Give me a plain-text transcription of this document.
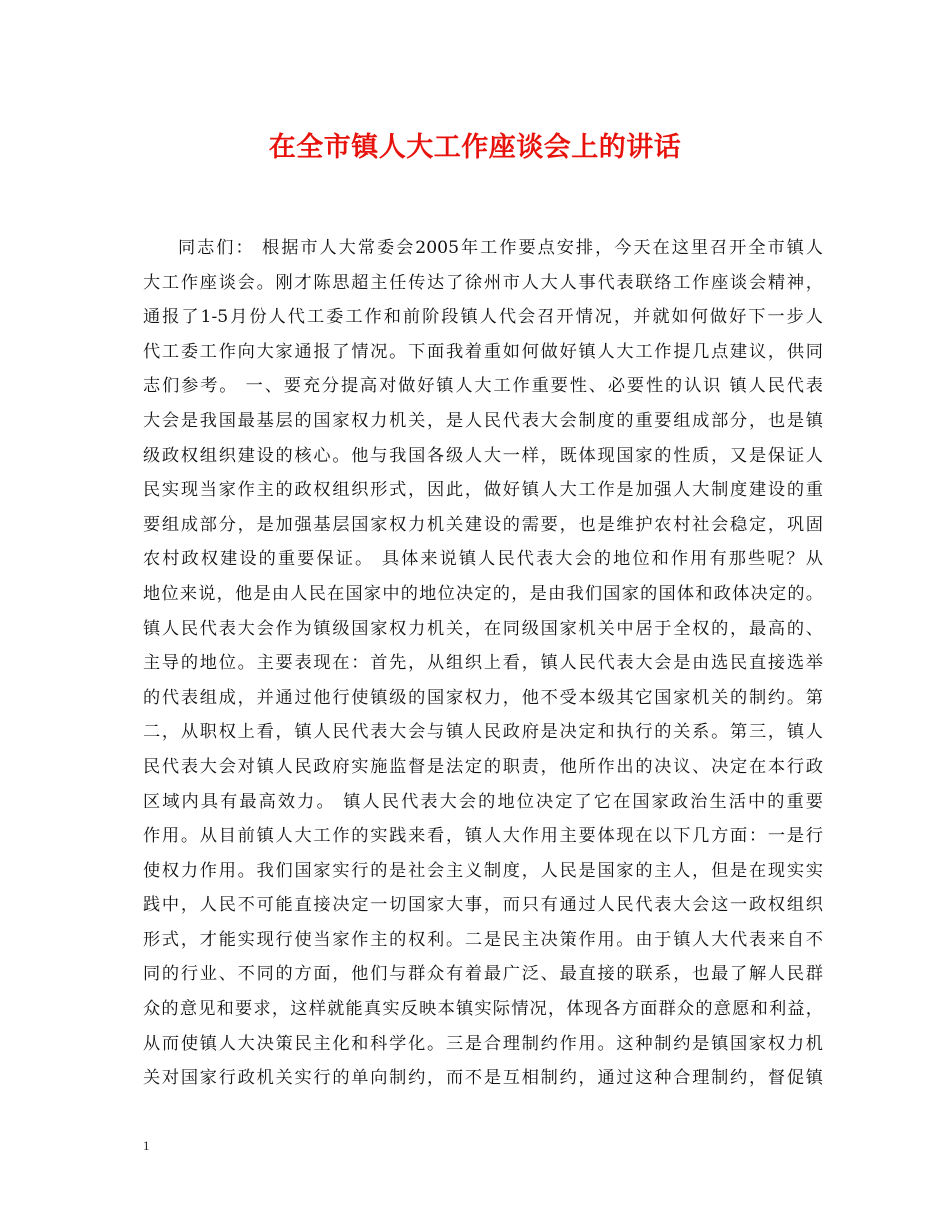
在全市镇人大工作座谈会上的讲话
同志们： 根据市人大常委会2005年工作要点安排，今天在这里召开全市镇人
大工作座谈会。刚才陈思超主任传达了徐州市人大人事代表联络工作座谈会精神，
通报了1-5月份人代工委工作和前阶段镇人代会召开情况，并就如何做好下一步人
代工委工作向大家通报了情况。下面我着重如何做好镇人大工作提几点建议，供同
志们参考。 一、要充分提高对做好镇人大工作重要性、必要性的认识 镇人民代表
大会是我国最基层的国家权力机关，是人民代表大会制度的重要组成部分，也是镇
级政权组织建设的核心。他与我国各级人大一样，既体现国家的性质，又是保证人
民实现当家作主的政权组织形式，因此，做好镇人大工作是加强人大制度建设的重
要组成部分，是加强基层国家权力机关建设的需要，也是维护农村社会稳定，巩固
农村政权建设的重要保证。 具体来说镇人民代表大会的地位和作用有那些呢？从
地位来说，他是由人民在国家中的地位决定的，是由我们国家的国体和政体决定的。
镇人民代表大会作为镇级国家权力机关，在同级国家机关中居于全权的，最高的、
主导的地位。主要表现在：首先，从组织上看，镇人民代表大会是由选民直接选举
的代表组成，并通过他行使镇级的国家权力，他不受本级其它国家机关的制约。第
二，从职权上看，镇人民代表大会与镇人民政府是决定和执行的关系。第三，镇人
民代表大会对镇人民政府实施监督是法定的职责，他所作出的决议、决定在本行政
区域内具有最高效力。 镇人民代表大会的地位决定了它在国家政治生活中的重要
作用。从目前镇人大工作的实践来看，镇人大作用主要体现在以下几方面：一是行
使权力作用。我们国家实行的是社会主义制度，人民是国家的主人，但是在现实实
践中，人民不可能直接决定一切国家大事，而只有通过人民代表大会这一政权组织
形式，才能实现行使当家作主的权利。二是民主决策作用。由于镇人大代表来自不
同的行业、不同的方面，他们与群众有着最广泛、最直接的联系，也最了解人民群
众的意见和要求，这样就能真实反映本镇实际情况，体现各方面群众的意愿和利益，
从而使镇人大决策民主化和科学化。三是合理制约作用。这种制约是镇国家权力机
关对国家行政机关实行的单向制约，而不是互相制约，通过这种合理制约，督促镇
1
